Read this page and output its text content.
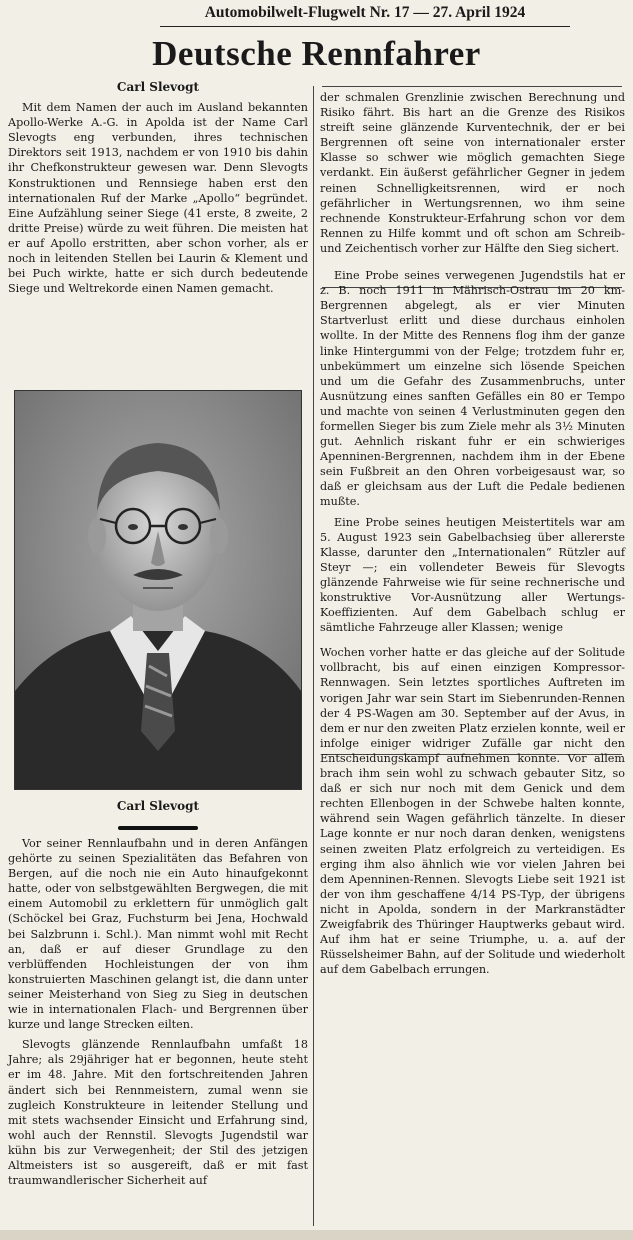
Automobilwelt-Flugwelt Nr. 17 — 27. April 1924
Deutsche Rennfahrer

Carl Slevogt

Mit dem Namen der auch im Ausland bekannten Apollo-Werke A.-G. in Apolda ist der Name Carl Slevogts eng verbunden, ihres technischen Direktors seit 1913, nachdem er von 1910 bis dahin ihr Chefkonstrukteur gewesen war. Denn Slevogts Konstruktionen und Rennsiege haben erst den internationalen Ruf der Marke „Apollo“ begründet. Eine Aufzählung seiner Siege (41 erste, 8 zweite, 2 dritte Preise) würde zu weit führen. Die meisten hat er auf Apollo erstritten, aber schon vorher, als er noch in leitenden Stellen bei Laurin & Klement und bei Puch wirkte, hatte er sich durch bedeutende Siege und Weltrekorde einen Namen gemacht.

Carl Slevogt

Vor seiner Rennlaufbahn und in deren Anfängen gehörte zu seinen Spezialitäten das Befahren von Bergen, auf die noch nie ein Auto hinaufgekonnt hatte, oder von selbstgewählten Bergwegen, die mit einem Automobil zu erklettern für unmöglich galt (Schöckel bei Graz, Fuchsturm bei Jena, Hochwald bei Salzbrunn i. Schl.). Man nimmt wohl mit Recht an, daß er auf dieser Grundlage zu den verblüffenden Hochleistungen der von ihm konstruierten Maschinen gelangt ist, die dann unter seiner Meisterhand von Sieg zu Sieg in deutschen wie in internationalen Flach- und Bergrennen über kurze und lange Strecken eilten.

Slevogts glänzende Rennlaufbahn umfaßt 18 Jahre; als 29jähriger hat er begonnen, heute steht er im 48. Jahre. Mit den fortschreitenden Jahren ändert sich bei Rennmeistern, zumal wenn sie zugleich Konstrukteure in leitender Stellung und mit stets wachsender Einsicht und Erfahrung sind, wohl auch der Rennstil. Slevogts Jugendstil war kühn bis zur Verwegenheit; der Stil des jetzigen Altmeisters ist so ausgereift, daß er mit fast traumwandlerischer Sicherheit auf

der schmalen Grenzlinie zwischen Berechnung und Risiko fährt. Bis hart an die Grenze des Risikos streift seine glänzende Kurventechnik, der er bei Bergrennen oft seine von internationaler erster Klasse so schwer wie möglich gemachten Siege verdankt. Ein äußerst gefährlicher Gegner in jedem reinen Schnelligkeitsrennen, wird er noch gefährlicher in Wertungsrennen, wo ihm seine rechnende Konstrukteur-Erfahrung schon vor dem Rennen zu Hilfe kommt und oft schon am Schreib- und Zeichentisch vorher zur Hälfte den Sieg sichert.

Eine Probe seines verwegenen Jugendstils hat er z. B. noch 1911 in Mährisch-Ostrau im 20 km-Bergrennen abgelegt, als er vier Minuten Startverlust erlitt und diese durchaus einholen wollte. In der Mitte des Rennens flog ihm der ganze linke Hintergummi von der Felge; trotzdem fuhr er, unbekümmert um einzelne sich lösende Speichen und um die Gefahr des Zusammenbruchs, unter Ausnützung eines sanften Gefälles ein 80 er Tempo und machte von seinen 4 Verlustminuten gegen den formellen Sieger bis zum Ziele mehr als 3½ Minuten gut. Aehnlich riskant fuhr er ein schwieriges Apenninen-Bergrennen, nachdem ihm in der Ebene sein Fußbreit an den Ohren vorbeigesaust war, so daß er gleichsam aus der Luft die Pedale bedienen mußte.

Eine Probe seines heutigen Meistertitels war am 5. August 1923 sein Gabelbachsieg über allererste Klasse, darunter den „Internationalen“ Rützler auf Steyr —; ein vollendeter Beweis für Slevogts glänzende Fahrweise wie für seine rechnerische und konstruktive Vor-Ausnützung aller Wertungs-Koeffizienten. Auf dem Gabelbach schlug er sämtliche Fahrzeuge aller Klassen; wenige

Wochen vorher hatte er das gleiche auf der Solitude vollbracht, bis auf einen einzigen Kompressor-Rennwagen. Sein letztes sportliches Auftreten im vorigen Jahr war sein Start im Siebenrunden-Rennen der 4 PS-Wagen am 30. September auf der Avus, in dem er nur den zweiten Platz erzielen konnte, weil er infolge einiger widriger Zufälle gar nicht den Entscheidungskampf aufnehmen konnte. Vor allem brach ihm sein wohl zu schwach gebauter Sitz, so daß er sich nur noch mit dem Genick und dem rechten Ellenbogen in der Schwebe halten konnte, während sein Wagen gefährlich tänzelte. In dieser Lage konnte er nur noch daran denken, wenigstens seinen zweiten Platz erfolgreich zu verteidigen. Es erging ihm also ähnlich wie vor vielen Jahren bei dem Apenninen-Rennen. Slevogts Liebe seit 1921 ist der von ihm geschaffene 4/14 PS-Typ, der übrigens nicht in Apolda, sondern in der Markranstädter Zweigfabrik des Thüringer Hauptwerks gebaut wird. Auf ihm hat er seine Triumphe, u. a. auf der Rüsselsheimer Bahn, auf der Solitude und wiederholt auf dem Gabelbach errungen.
